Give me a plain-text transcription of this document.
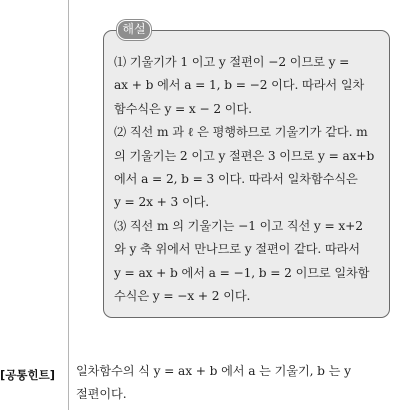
해설
⑴ 기울기가 1 이고 y 절편이 −2 이므로 y =
ax + b 에서 a = 1, b = −2 이다. 따라서 일차
함수식은 y = x − 2 이다.
⑵ 직선 m 과 ℓ 은 평행하므로 기울기가 같다. m
의 기울기는 2 이고 y 절편은 3 이므로 y = ax+b
에서 a = 2, b = 3 이다. 따라서 일차함수식은
y = 2x + 3 이다.
⑶ 직선 m 의 기울기는 −1 이고 직선 y = x+2
와 y 축 위에서 만나므로 y 절편이 같다. 따라서
y = ax + b 에서 a = −1, b = 2 이므로 일차함
수식은 y = −x + 2 이다.
[공통힌트] 일차함수의 식 y = ax + b 에서 a 는 기울기, b 는 y
절편이다.
